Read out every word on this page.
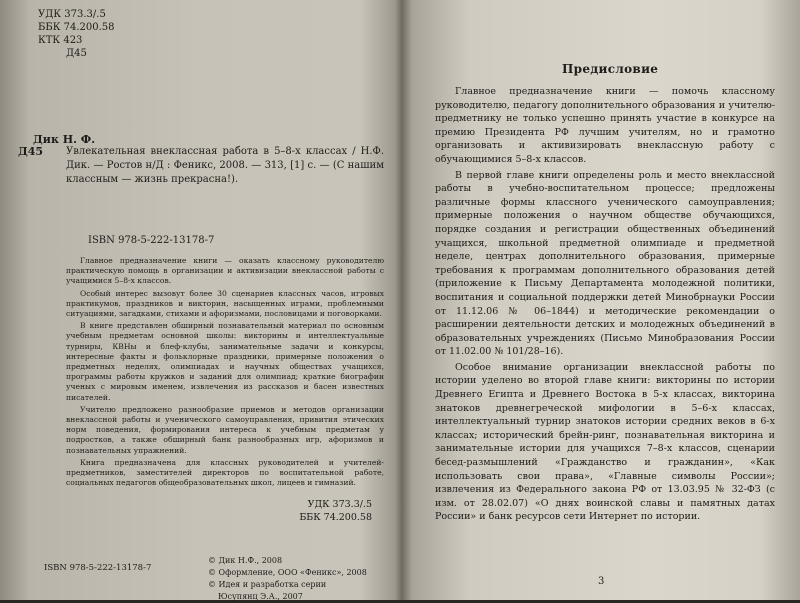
УДК 373.3/.5
ББК 74.200.58
КТК 423
Д45
Дик Н. Ф.
Д45 Увлекательная внеклассная работа в 5–8-х классах / Н.Ф. Дик. — Ростов н/Д : Феникс, 2008. — 313, [1] с. — (С нашим классным — жизнь прекрасна!).
ISBN 978-5-222-13178-7

Главное предназначение книги — оказать классному руководителю практическую помощь в организации и активизации внеклассной работы с учащимися 5–8-х классов.

Особый интерес вызовут более 30 сценариев классных часов, игровых практикумов, праздников и викторин, насыщенных играми, проблемными ситуациями, загадками, стихами и афоризмами, пословицами и поговорками.

В книге представлен обширный познавательный материал по основным учебным предметам основной школы: викторины и интеллектуальные турниры, КВНы и блеф-клубы, занимательные задачи и конкурсы, интересные факты и фольклорные праздники, примерные положения о предметных неделях, олимпиадах и научных обществах учащихся, программы работы кружков и заданий для олимпиад; краткие биографии ученых с мировым именем, извлечения из рассказов и басен известных писателей.

Учителю предложено разнообразие приемов и методов организации внеклассной работы и ученического самоуправления, привития этических норм поведения, формирования интереса к учебным предметам у подростков, а также обширный банк разнообразных игр, афоризмов и познавательных упражнений.

Книга предназначена для классных руководителей и учителей-предметников, заместителей директоров по воспитательной работе, социальных педагогов общеобразовательных школ, лицеев и гимназий.

УДК 373.3/.5
ББК 74.200.58
ISBN 978-5-222-13178-7
© Дик Н.Ф., 2008
© Оформление, ООО «Феникс», 2008
© Идея и разработка серии
Юсупянц Э.А., 2007
Предисловие

Главное предназначение книги — помочь классному руководителю, педагогу дополнительного образования и учителю-предметнику не только успешно принять участие в конкурсе на премию Президента РФ лучшим учителям, но и грамотно организовать и активизировать внеклассную работу с обучающимися 5–8-х классов.

В первой главе книги определены роль и место внеклассной работы в учебно-воспитательном процессе; предложены различные формы классного ученического самоуправления; примерные положения о научном обществе обучающихся, порядке создания и регистрации общественных объединений учащихся, школьной предметной олимпиаде и предметной неделе, центрах дополнительного образования, примерные требования к программам дополнительного образования детей (приложение к Письму Департамента молодежной политики, воспитания и социальной поддержки детей Минобрнауки России от 11.12.06 № 06–1844) и методические рекомендации о расширении деятельности детских и молодежных объединений в образовательных учреждениях (Письмо Минобразования России от 11.02.00 № 101/28–16).

Особое внимание организации внеклассной работы по истории уделено во второй главе книги: викторины по истории Древнего Египта и Древнего Востока в 5-х классах, викторина знатоков древнегреческой мифологии в 5–6-х классах, интеллектуальный турнир знатоков истории средних веков в 6-х классах; исторический брейн-ринг, познавательная викторина и занимательные истории для учащихся 7–8-х классов, сценарии бесед-размышлений «Гражданство и гражданин», «Как использовать свои права», «Главные символы России»; извлечения из Федерального закона РФ от 13.03.95 № 32-ФЗ (с изм. от 28.02.07) «О днях воинской славы и памятных датах России» и банк ресурсов сети Интернет по истории.

3
